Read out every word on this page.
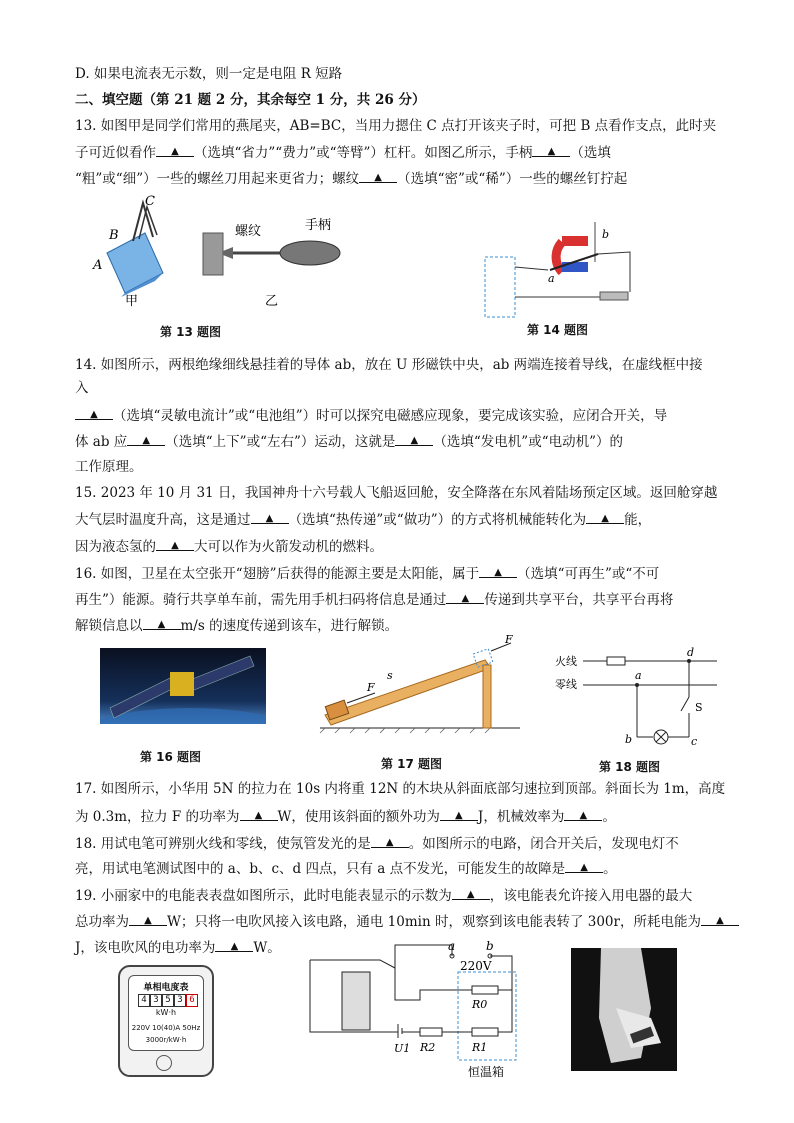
D. 如果电流表无示数，则一定是电阻 R 短路
二、填空题（第 21 题 2 分，其余每空 1 分，共 26 分）
13. 如图甲是同学们常用的燕尾夹，AB=BC，当用力摁住 C 点打开该夹子时，可把 B 点看作支点，此时夹
子可近似看作 ▲	（选填“省力”“费力”或“等臂”）杠杆。如图乙所示，手柄 ▲	（选填
“粗”或“细”）一些的螺丝刀用起来更省力；螺纹 ▲	（选填“密”或“稀”）一些的螺丝钉拧起
C
B
A
甲
螺纹	手柄
乙
第 13 题图
b
a
第 14 题图
14. 如图所示，两根绝缘细线悬挂着的导体 ab，放在 U 形磁铁中央，ab 两端连接着导线，在虚线框中接
入
▲（选填“灵敏电流计”或“电池组”）时可以探究电磁感应现象，要完成该实验，应闭合开关，导
体 ab 应 ▲	（选填“上下”或“左右”）运动，这就是 ▲	（选填“发电机”或“电动机”）的
工作原理。
15. 2023 年 10 月 31 日，我国神舟十六号载人飞船返回舱，安全降落在东风着陆场预定区域。返回舱穿越
大气层时温度升高，这是通过 ▲	（选填“热传递”或“做功”）的方式将机械能转化为 ▲	能，
因为液态氢的 ▲	大可以作为火箭发动机的燃料。
16. 如图，卫星在太空张开“翅膀”后获得的能源主要是太阳能，属于 ▲	（选填“可再生”或“不可
再生”）能源。骑行共享单车前，需先用手机扫码将信息是通过 ▲	传递到共享平台，共享平台再将
解锁信息以 ▲	m/s 的速度传递到该车，进行解锁。
第 16 题图
F
F
s
第 17 题图
火线
零线
a
b	c
d
S
第 18 题图
17. 如图所示，小华用 5N 的拉力在 10s 内将重 12N 的木块从斜面底部匀速拉到顶部。斜面长为 1m，高度
为 0.3m，拉力 F 的功率为 ▲	W，使用该斜面的额外功为 ▲	J，机械效率为 ▲	。
18. 用试电笔可辨别火线和零线，使氖管发光的是 ▲	。如图所示的电路，闭合开关后，发现电灯不
亮，用试电笔测试图中的 a、b、c、d 四点，只有 a 点不发光，可能发生的故障是 ▲	。
19. 小丽家中的电能表表盘如图所示，此时电能表显示的示数为 ▲	，该电能表允许接入用电器的最大
总功率为 ▲	W；只将一电吹风接入该电路，通电 10min 时，观察到该电能表转了 300r，所耗电能为▲
J，该电吹风的电功率为 ▲	W。
单相电度表
4 3 5 3 6
kW·h
220V 10(40)A 50Hz
3000r/kW·h
a	b
220V
恒温箱
R0
R1
R2
U1
